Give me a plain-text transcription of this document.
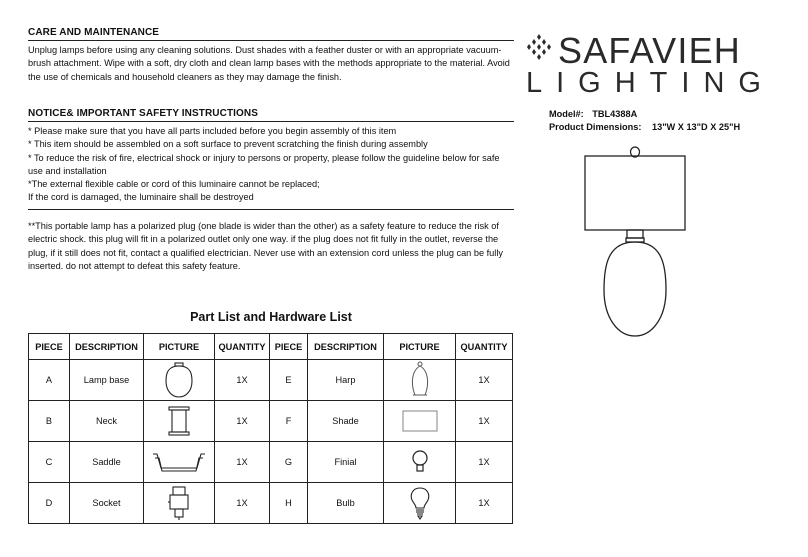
CARE AND MAINTENANCE
Unplug lamps before using any cleaning solutions. Dust shades with a feather duster or with an appropriate vacuum-brush attachment. Wipe with a soft, dry cloth and clean lamp bases with the methods appropriate to the material. Avoid the use of chemicals and household cleaners as they may damage the finish.
NOTICE& IMPORTANT SAFETY INSTRUCTIONS
* Please make sure that you have all parts included before you begin assembly of this item
* This item should be assembled on a soft surface to prevent scratching the finish during assembly
* To reduce the risk of fire, electrical shock or injury to persons or property, please follow the guideline below for safe use and installation
*The external flexible cable or cord of this luminaire cannot be replaced;
If the cord is damaged, the luminaire shall be destroyed
**This portable lamp has a polarized plug (one blade is wider than the other) as a safety feature to reduce the risk of electric shock. this plug will fit in a polarized outlet only one way. if the plug does not fit fully in the outlet, reverse the plug, if it still does not fit, contact a qualified electrician. Never use with an extension cord unless the plug can be fully inserted. do not attempt to defeat this safety feature.
SAFAVIEH
LIGHTING
Model#: TBL4388A
Product Dimensions: 13"W X 13"D X 25"H
Part List and Hardware List
PIECE	DESCRIPTION	PICTURE	QUANTITY	PIECE	DESCRIPTION	PICTURE	QUANTITY
A	Lamp base		1X	E	Harp		1X
B	Neck		1X	F	Shade		1X
C	Saddle		1X	G	Finial		1X
D	Socket		1X	H	Bulb		1X
